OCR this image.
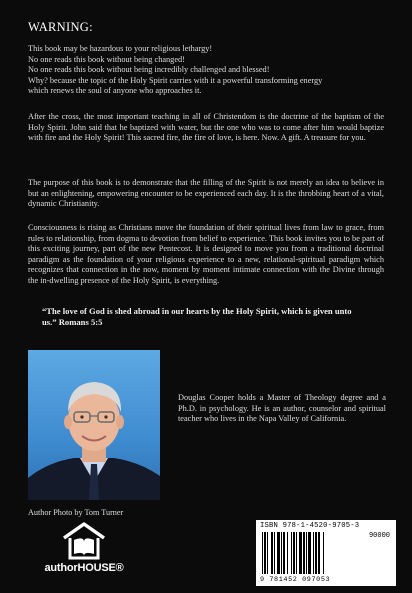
WARNING:
This book may be hazardous to your religious lethargy!
No one reads this book without being changed!
No one reads this book without being incredibly challenged and blessed!
Why? because the topic of the Holy Spirit carries with it a powerful transforming energy
which renews the soul of anyone who approaches it.
After the cross, the most important teaching in all of Christendom is the doctrine of the baptism of the Holy Spirit. John said that he baptized with water, but the one who was to come after him would baptize with fire and the Holy Spirit! This sacred fire, the fire of love, is here. Now. A gift. A treasure for you.
The purpose of this book is to demonstrate that the filling of the Spirit is not merely an idea to believe in but an enlightening, empowering encounter to be experienced each day. It is the throbbing heart of a vital, dynamic Christianity.
Consciousness is rising as Christians move the foundation of their spiritual lives from law to grace, from rules to relationship, from dogma to devotion from belief to experience. This book invites you to be part of this exciting journey, part of the new Pentecost. It is designed to move you from a traditional doctrinal paradigm as the foundation of your religious experience to a new, relational-spiritual paradigm which recognizes that connection in the now, moment by moment intimate connection with the Divine through the in-dwelling presence of the Holy Spirit, is everything.
“The love of God is shed abroad in our hearts by the Holy Spirit, which is given unto us.” Romans 5:5
Douglas Cooper holds a Master of Theology degree and a Ph.D. in psychology. He is an author, counselor and spiritual teacher who lives in the Napa Valley of California.
Author Photo by Tom Turner
authorHOUSE®
ISBN 978-1-4520-9705-3
90000
9 781452 097053
